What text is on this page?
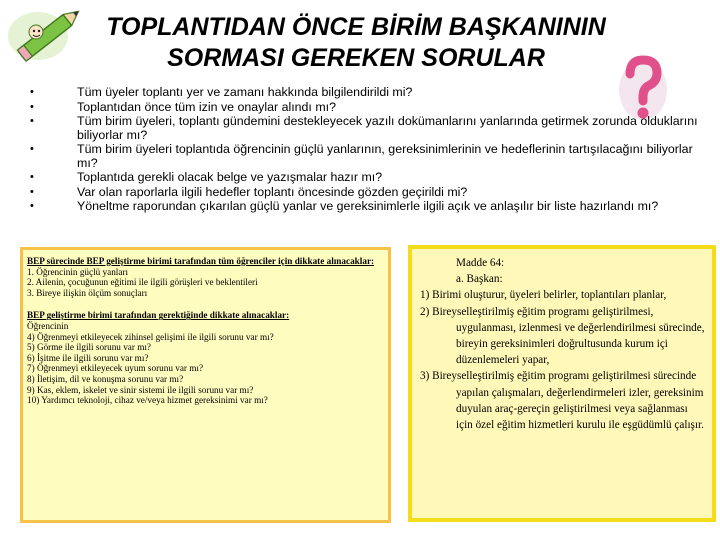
TOPLANTIDAN ÖNCE BİRİM BAŞKANININ
SORMASI GEREKEN SORULAR
• Tüm üyeler toplantı yer ve zamanı hakkında bilgilendirildi mi?
• Toplantıdan önce tüm izin ve onaylar alındı mı?
• Tüm birim üyeleri, toplantı gündemini destekleyecek yazılı dokümanlarını yanlarında getirmek zorunda olduklarını biliyorlar mı?
• Tüm birim üyeleri toplantıda öğrencinin güçlü yanlarının, gereksinimlerinin ve hedeflerinin tartışılacağını biliyorlar mı?
• Toplantıda gerekli olacak belge ve yazışmalar hazır mı?
• Var olan raporlarla ilgili hedefler toplantı öncesinde gözden geçirildi mi?
• Yöneltme raporundan çıkarılan güçlü yanlar ve gereksinimlerle ilgili açık ve anlaşılır bir liste hazırlandı mı?

BEP sürecinde BEP geliştirme birimi tarafından tüm öğrenciler için dikkate alınacaklar:

1. Öğrencinin güçlü yanları

2. Ailenin, çocuğunun eğitimi ile ilgili görüşleri ve beklentileri

3. Bireye ilişkin ölçüm sonuçları

BEP geliştirme birimi tarafından gerektiğinde dikkate alınacaklar:

Öğrencinin

4) Öğrenmeyi etkileyecek zihinsel gelişimi ile ilgili sorunu var mı?

5) Görme ile ilgili sorunu var mı?

6) İşitme ile ilgili sorunu var mı?

7) Öğrenmeyi etkileyecek uyum sorunu var mı?

8) İletişim, dil ve konuşma sorunu var mı?

9) Kas, eklem, iskelet ve sinir sistemi ile ilgili sorunu var mı?

10) Yardımcı teknoloji, cihaz ve/veya hizmet gereksinimi var mı?

Madde 64:

a. Başkan:

1) Birimi oluşturur, üyeleri belirler, toplantıları planlar,

2) Bireyselleştirilmiş eğitim programı geliştirilmesi, uygulanması, izlenmesi ve değerlendirilmesi sürecinde, bireyin gereksinimleri doğrultusunda kurum içi düzenlemeleri yapar,

3) Bireyselleştirilmiş eğitim programı geliştirilmesi sürecinde yapılan çalışmaları, değerlendirmeleri izler, gereksinim duyulan araç-gereçin geliştirilmesi veya sağlanması için özel eğitim hizmetleri kurulu ile eşgüdümlü çalışır.
